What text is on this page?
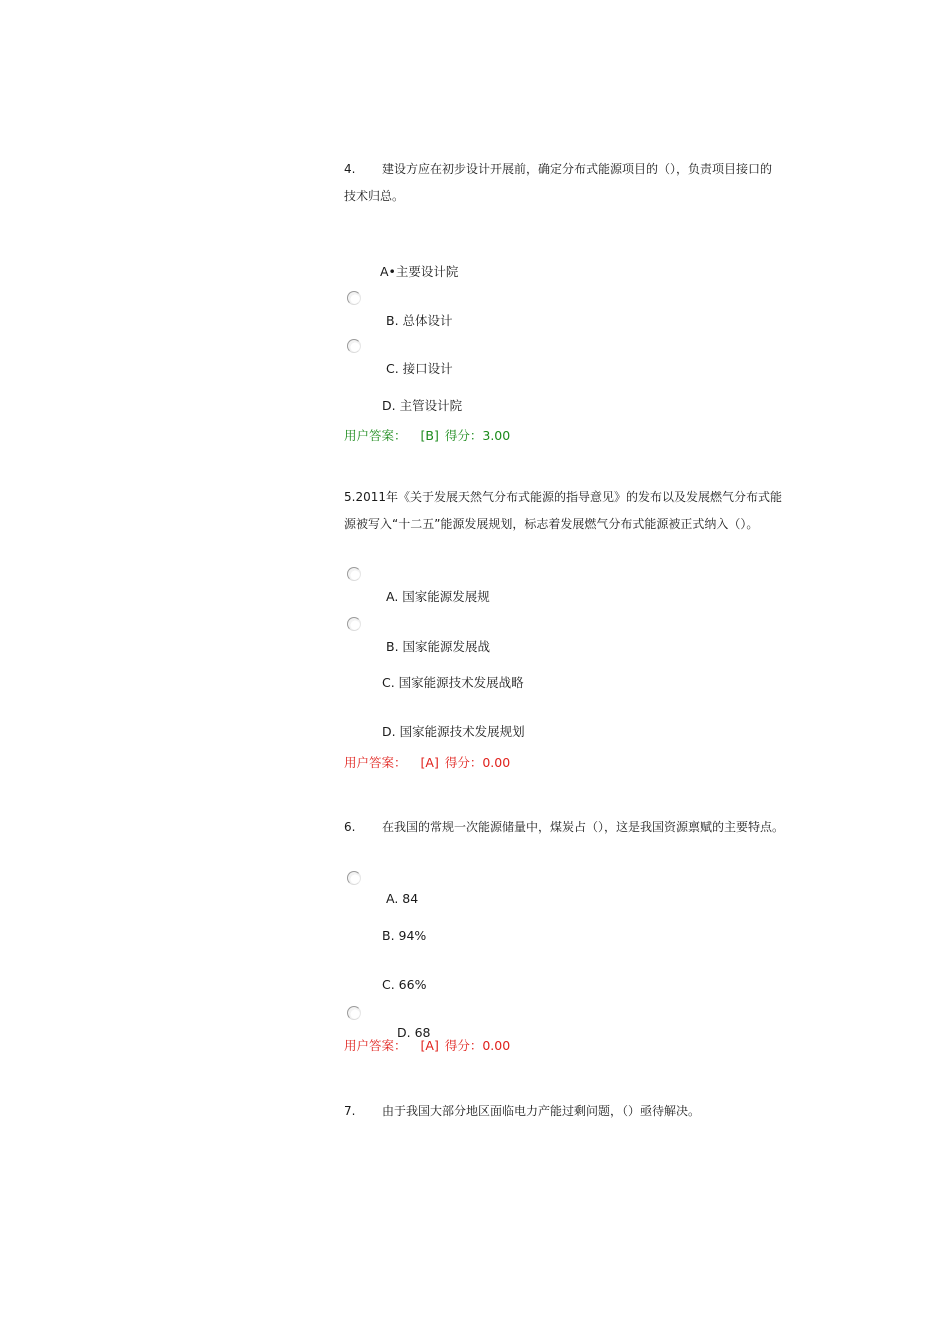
4. 建设方应在初步设计开展前，确定分布式能源项目的（），负责项目接口的
技术归总。
A•主要设计院
B. 总体设计
C. 接口设计
D. 主管设计院
用户答案： [B] 得分：3.00
5.2011年《关于发展天然气分布式能源的指导意见》的发布以及发展燃气分布式能
源被写入“十二五”能源发展规划，标志着发展燃气分布式能源被正式纳入（）。
A. 国家能源发展规
B. 国家能源发展战
C. 国家能源技术发展战略
D. 国家能源技术发展规划
用户答案： [A] 得分：0.00
6. 在我国的常规一次能源储量中，煤炭占（），这是我国资源禀赋的主要特点。
A. 84
B. 94%
C. 66%
D. 68
用户答案： [A] 得分：0.00
7. 由于我国大部分地区面临电力产能过剩问题，（）亟待解决。
